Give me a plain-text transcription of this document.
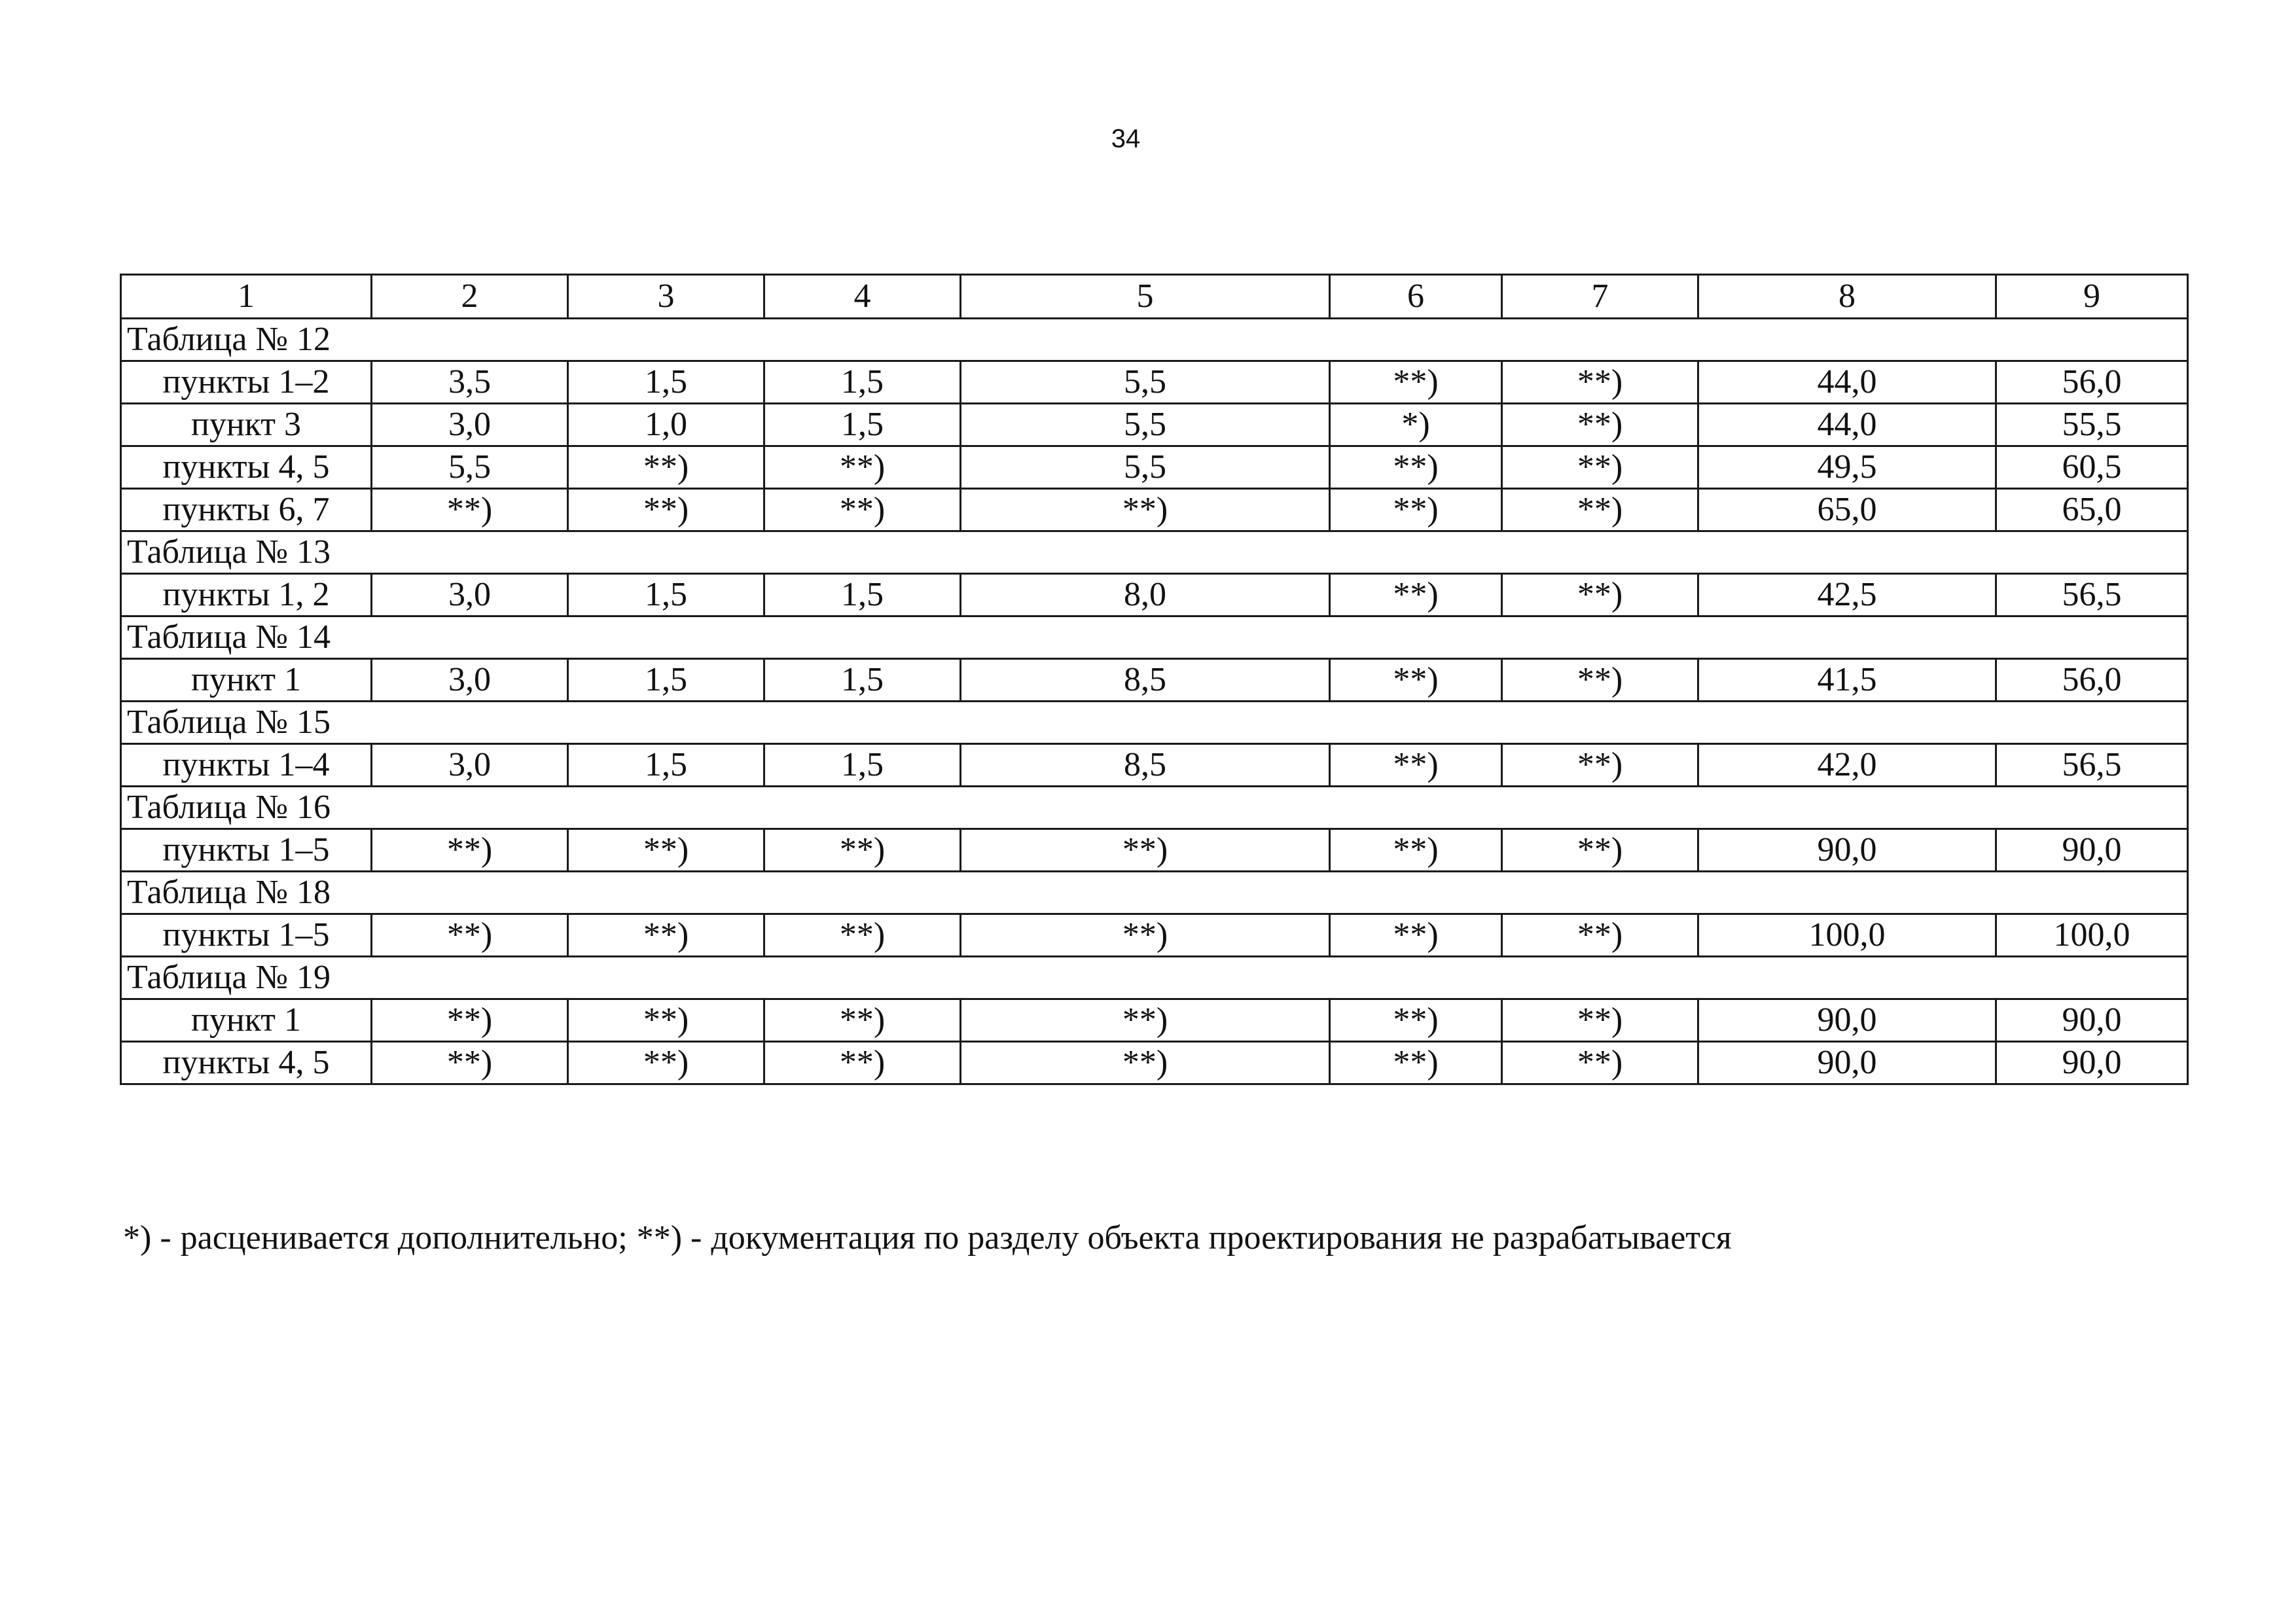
34
1	2	3	4	5	6	7	8	9
Таблица № 12								
пункты 1–2	3,5	1,5	1,5	5,5	**)	**)	44,0	56,0
пункт 3	3,0	1,0	1,5	5,5	*)	**)	44,0	55,5
пункты 4, 5	5,5	**)	**)	5,5	**)	**)	49,5	60,5
пункты 6, 7	**)	**)	**)	**)	**)	**)	65,0	65,0
Таблица № 13								
пункты 1, 2	3,0	1,5	1,5	8,0	**)	**)	42,5	56,5
Таблица № 14								
пункт 1	3,0	1,5	1,5	8,5	**)	**)	41,5	56,0
Таблица № 15								
пункты 1–4	3,0	1,5	1,5	8,5	**)	**)	42,0	56,5
Таблица № 16								
пункты 1–5	**)	**)	**)	**)	**)	**)	90,0	90,0
Таблица № 18								
пункты 1–5	**)	**)	**)	**)	**)	**)	100,0	100,0
Таблица № 19								
пункт 1	**)	**)	**)	**)	**)	**)	90,0	90,0
пункты 4, 5	**)	**)	**)	**)	**)	**)	90,0	90,0
*) - расценивается дополнительно; **) - документация по разделу объекта проектирования не разрабатывается
